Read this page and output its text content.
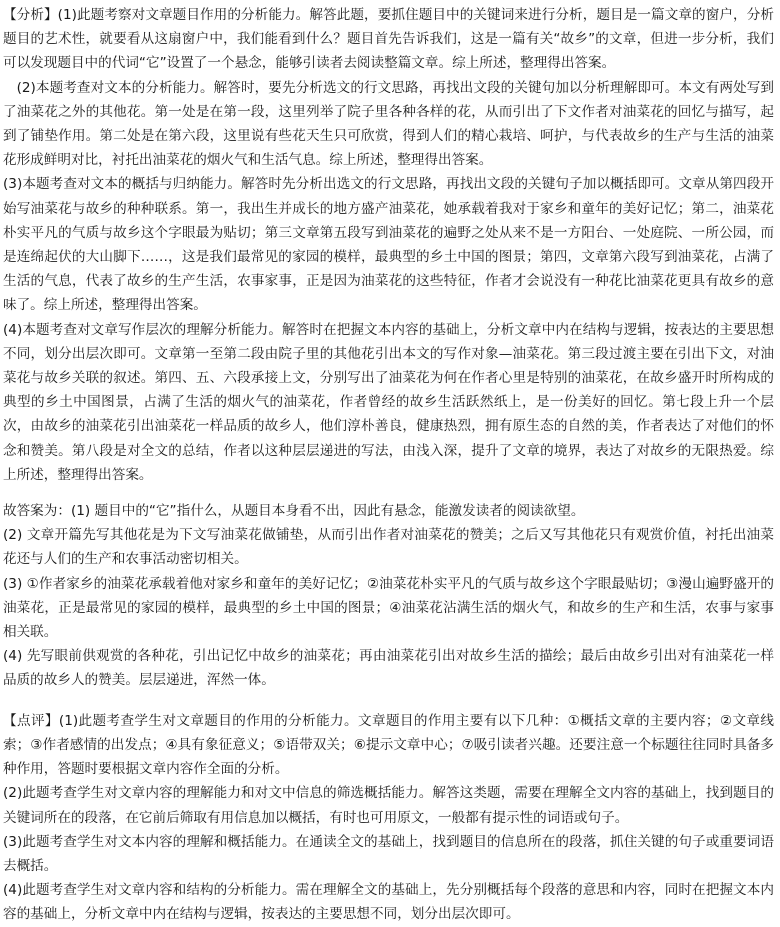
【分析】(1)此题考察对文章题目作用的分析能力。解答此题，要抓住题目中的关键词来进行分析，题目是一篇文章的窗户，分析题目的艺术性，就要看从这扇窗户中，我们能看到什么？题目首先告诉我们，这是一篇有关“故乡”的文章，但进一步分析，我们可以发现题目中的代词“它”设置了一个悬念，能够引读者去阅读整篇文章。综上所述，整理得出答案。

(2)本题考查对文本的分析能力。解答时，要先分析选文的行文思路，再找出文段的关键句加以分析理解即可。本文有两处写到了油菜花之外的其他花。第一处是在第一段，这里列举了院子里各种各样的花，从而引出了下文作者对油菜花的回忆与描写，起到了铺垫作用。第二处是在第六段，这里说有些花天生只可欣赏，得到人们的精心栽培、呵护，与代表故乡的生产与生活的油菜花形成鲜明对比，衬托出油菜花的烟火气和生活气息。综上所述，整理得出答案。

(3)本题考查对文本的概括与归纳能力。解答时先分析出选文的行文思路，再找出文段的关键句子加以概括即可。文章从第四段开始写油菜花与故乡的种种联系。第一，我出生并成长的地方盛产油菜花，她承载着我对于家乡和童年的美好记忆；第二，油菜花朴实平凡的气质与故乡这个字眼最为贴切；第三文章第五段写到油菜花的遍野之处从来不是一方阳台、一处庭院、一所公园，而是连绵起伏的大山脚下……，这是我们最常见的家园的模样，最典型的乡土中国的图景；第四，文章第六段写到油菜花，占满了生活的气息，代表了故乡的生产生活，农事家事，正是因为油菜花的这些特征，作者才会说没有一种花比油菜花更具有故乡的意味了。综上所述，整理得出答案。

(4)本题考查对文章写作层次的理解分析能力。解答时在把握文本内容的基础上，分析文章中内在结构与逻辑，按表达的主要思想不同，划分出层次即可。文章第一至第二段由院子里的其他花引出本文的写作对象—油菜花。第三段过渡主要在引出下文，对油菜花与故乡关联的叙述。第四、五、六段承接上文，分别写出了油菜花为何在作者心里是特别的油菜花，在故乡盛开时所构成的典型的乡土中国图景，占满了生活的烟火气的油菜花，作者曾经的故乡生活跃然纸上，是一份美好的回忆。第七段上升一个层次，由故乡的油菜花引出油菜花一样品质的故乡人，他们淳朴善良，健康热烈，拥有原生态的自然的美，作者表达了对他们的怀念和赞美。第八段是对全文的总结，作者以这种层层递进的写法，由浅入深，提升了文章的境界，表达了对故乡的无限热爱。综上所述，整理得出答案。

故答案为：(1) 题目中的“它”指什么，从题目本身看不出，因此有悬念，能激发读者的阅读欲望。

(2) 文章开篇先写其他花是为下文写油菜花做铺垫，从而引出作者对油菜花的赞美；之后又写其他花只有观赏价值，衬托出油菜花还与人们的生产和农事活动密切相关。

(3) ①作者家乡的油菜花承载着他对家乡和童年的美好记忆；②油菜花朴实平凡的气质与故乡这个字眼最贴切；③漫山遍野盛开的油菜花，正是最常见的家园的模样，最典型的乡土中国的图景；④油菜花沾满生活的烟火气，和故乡的生产和生活，农事与家事相关联。

(4) 先写眼前供观赏的各种花，引出记忆中故乡的油菜花；再由油菜花引出对故乡生活的描绘；最后由故乡引出对有油菜花一样品质的故乡人的赞美。层层递进，浑然一体。

【点评】(1)此题考查学生对文章题目的作用的分析能力。文章题目的作用主要有以下几种：①概括文章的主要内容；②文章线索；③作者感情的出发点；④具有象征意义；⑤语带双关；⑥提示文章中心；⑦吸引读者兴趣。还要注意一个标题往往同时具备多种作用，答题时要根据文章内容作全面的分析。

(2)此题考查学生对文章内容的理解能力和对文中信息的筛选概括能力。解答这类题，需要在理解全文内容的基础上，找到题目的关键词所在的段落，在它前后筛取有用信息加以概括，有时也可用原文，一般都有提示性的词语或句子。

(3)此题考查学生对文本内容的理解和概括能力。在通读全文的基础上，找到题目的信息所在的段落，抓住关键的句子或重要词语去概括。

(4)此题考查学生对文章内容和结构的分析能力。需在理解全文的基础上，先分别概括每个段落的意思和内容，同时在把握文本内容的基础上，分析文章中内在结构与逻辑，按表达的主要思想不同，划分出层次即可。
